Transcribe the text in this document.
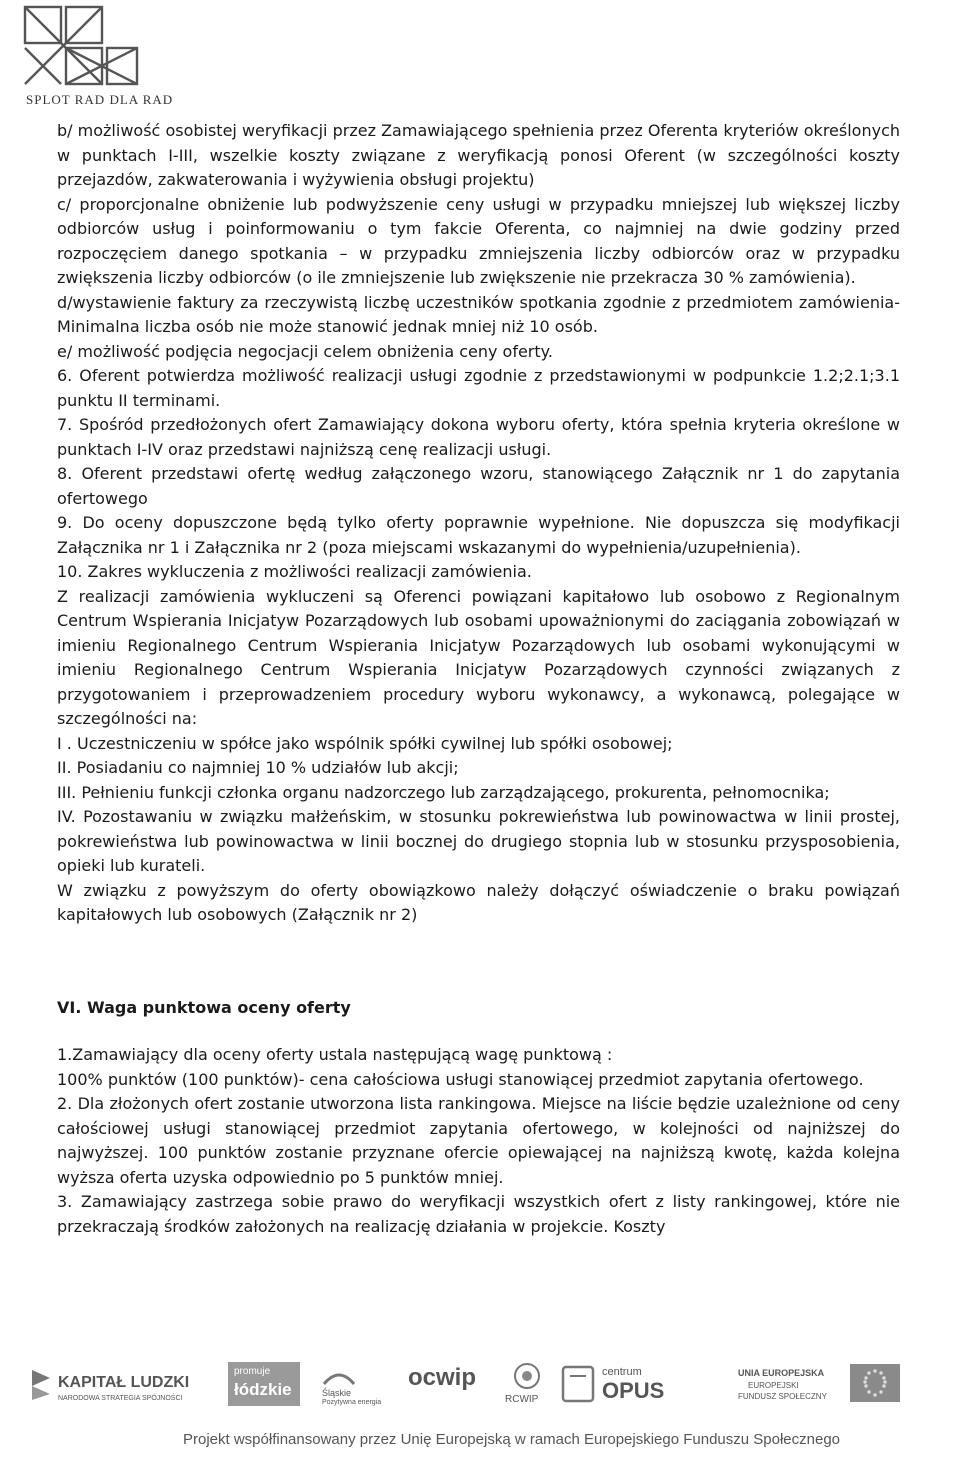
SPLOT RAD DLA RAD

b/ możliwość osobistej weryfikacji przez Zamawiającego spełnienia przez Oferenta kryteriów określonych w punktach I-III, wszelkie koszty związane z weryfikacją ponosi Oferent (w szczególności koszty przejazdów, zakwaterowania i wyżywienia obsługi projektu)

c/ proporcjonalne obniżenie lub podwyższenie ceny usługi w przypadku mniejszej lub większej liczby odbiorców usług i poinformowaniu o tym fakcie Oferenta, co najmniej na dwie godziny przed rozpoczęciem danego spotkania – w przypadku zmniejszenia liczby odbiorców oraz w przypadku zwiększenia liczby odbiorców (o ile zmniejszenie lub zwiększenie nie przekracza 30 % zamówienia).

d/wystawienie faktury za rzeczywistą liczbę uczestników spotkania zgodnie z przedmiotem zamówienia- Minimalna liczba osób nie może stanowić jednak mniej niż 10 osób.

e/ możliwość podjęcia negocjacji celem obniżenia ceny oferty.

6. Oferent potwierdza możliwość realizacji usługi zgodnie z przedstawionymi w podpunkcie 1.2;2.1;3.1 punktu II terminami.

7. Spośród przedłożonych ofert Zamawiający dokona wyboru oferty, która spełnia kryteria określone w punktach I-IV oraz przedstawi najniższą cenę realizacji usługi.

8. Oferent przedstawi ofertę według załączonego wzoru, stanowiącego Załącznik nr 1 do zapytania ofertowego

9. Do oceny dopuszczone będą tylko oferty poprawnie wypełnione. Nie dopuszcza się modyfikacji Załącznika nr 1 i Załącznika nr 2 (poza miejscami wskazanymi do wypełnienia/uzupełnienia).

10. Zakres wykluczenia z możliwości realizacji zamówienia.

Z realizacji zamówienia wykluczeni są Oferenci powiązani kapitałowo lub osobowo z Regionalnym Centrum Wspierania Inicjatyw Pozarządowych lub osobami upoważnionymi do zaciągania zobowiązań w imieniu Regionalnego Centrum Wspierania Inicjatyw Pozarządowych lub osobami wykonującymi w imieniu Regionalnego Centrum Wspierania Inicjatyw Pozarządowych czynności związanych z przygotowaniem i przeprowadzeniem procedury wyboru wykonawcy, a wykonawcą, polegające w szczególności na:

I . Uczestniczeniu w spółce jako wspólnik spółki cywilnej lub spółki osobowej;

II. Posiadaniu co najmniej 10 % udziałów lub akcji;

III. Pełnieniu funkcji członka organu nadzorczego lub zarządzającego, prokurenta, pełnomocnika;

IV. Pozostawaniu w związku małżeńskim, w stosunku pokrewieństwa lub powinowactwa w linii prostej, pokrewieństwa lub powinowactwa w linii bocznej do drugiego stopnia lub w stosunku przysposobienia, opieki lub kurateli.

W związku z powyższym do oferty obowiązkowo należy dołączyć oświadczenie o braku powiązań kapitałowych lub osobowych (Załącznik nr 2)

VI. Waga punktowa oceny oferty

1.Zamawiający dla oceny oferty ustala następującą wagę punktową :

100% punktów (100 punktów)- cena całościowa usługi stanowiącej przedmiot zapytania ofertowego.

2. Dla złożonych ofert zostanie utworzona lista rankingowa. Miejsce na liście będzie uzależnione od ceny całościowej usługi stanowiącej przedmiot zapytania ofertowego, w kolejności od najniższej do najwyższej. 100 punktów zostanie przyznane ofercie opiewającej na najniższą kwotę, każda kolejna wyższa oferta uzyska odpowiednio po 5 punktów mniej.

3. Zamawiający zastrzega sobie prawo do weryfikacji wszystkich ofert z listy rankingowej, które nie przekraczają środków założonych na realizację działania w projekcie. Koszty

KAPITAŁ LUDZKI
NARODOWA STRATEGIA SPÓJNOŚCI
promuje
łódzkie	Śląskie
Pozytywna energia
ocwip
RCWIP
centrum
OPUS
UNIA EUROPEJSKA
EUROPEJSKI
FUNDUSZ SPOŁECZNY
Projekt współfinansowany przez Unię Europejską w ramach Europejskiego Funduszu Społecznego
